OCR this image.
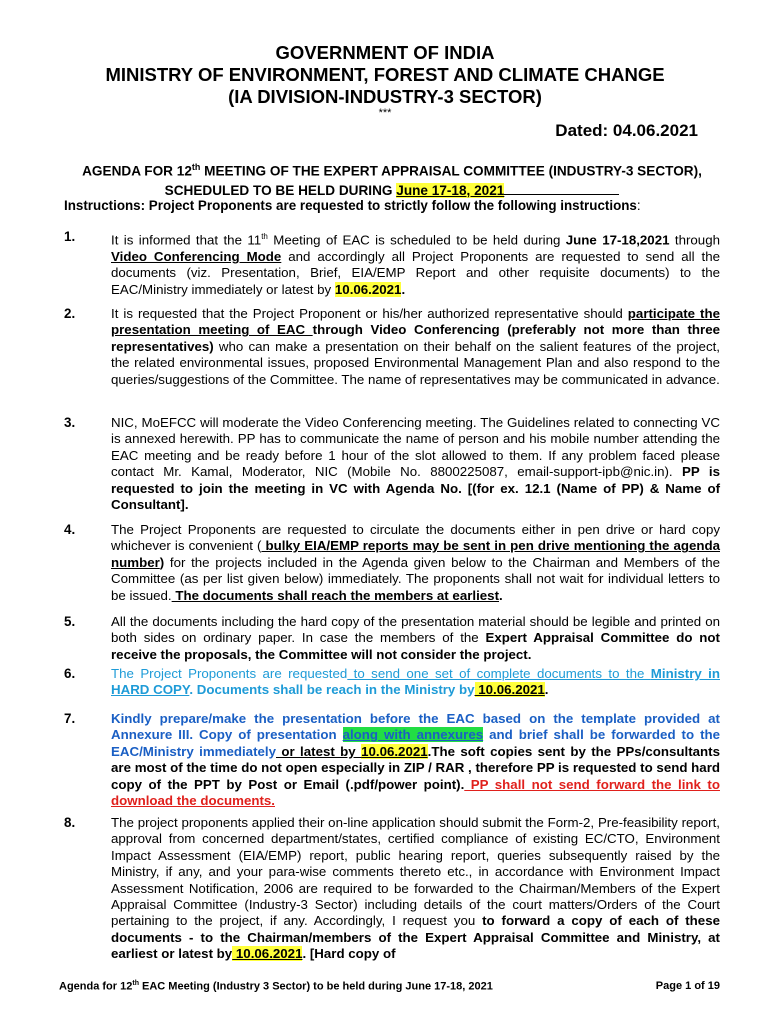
GOVERNMENT OF INDIA
MINISTRY OF ENVIRONMENT, FOREST AND CLIMATE CHANGE
(IA DIVISION-INDUSTRY-3 SECTOR)
***
Dated: 04.06.2021
AGENDA FOR 12th MEETING OF THE EXPERT APPRAISAL COMMITTEE (INDUSTRY-3 SECTOR), SCHEDULED TO BE HELD DURING June 17-18, 2021
Instructions: Project Proponents are requested to strictly follow the following instructions:
1.	It is informed that the 11th Meeting of EAC is scheduled to be held during June 17-18,2021 through Video Conferencing Mode and accordingly all Project Proponents are requested to send all the documents (viz. Presentation, Brief, EIA/EMP Report and other requisite documents) to the EAC/Ministry immediately or latest by 10.06.2021.
2.	It is requested that the Project Proponent or his/her authorized representative should participate the presentation meeting of EAC through Video Conferencing (preferably not more than three representatives) who can make a presentation on their behalf on the salient features of the project, the related environmental issues, proposed Environmental Management Plan and also respond to the queries/suggestions of the Committee. The name of representatives may be communicated in advance.
3.	NIC, MoEFCC will moderate the Video Conferencing meeting. The Guidelines related to connecting VC is annexed herewith. PP has to communicate the name of person and his mobile number attending the EAC meeting and be ready before 1 hour of the slot allowed to them. If any problem faced please contact Mr. Kamal, Moderator, NIC (Mobile No. 8800225087, email-support-ipb@nic.in). PP is requested to join the meeting in VC with Agenda No. [(for ex. 12.1 (Name of PP) & Name of Consultant].
4.	The Project Proponents are requested to circulate the documents either in pen drive or hard copy whichever is convenient ( bulky EIA/EMP reports may be sent in pen drive mentioning the agenda number) for the projects included in the Agenda given below to the Chairman and Members of the Committee (as per list given below) immediately. The proponents shall not wait for individual letters to be issued. The documents shall reach the members at earliest.
5.	All the documents including the hard copy of the presentation material should be legible and printed on both sides on ordinary paper. In case the members of the Expert Appraisal Committee do not receive the proposals, the Committee will not consider the project.
6.	The Project Proponents are requested to send one set of complete documents to the Ministry in HARD COPY. Documents shall be reach in the Ministry by 10.06.2021.
7.	Kindly prepare/make the presentation before the EAC based on the template provided at Annexure III. Copy of presentation along with annexures and brief shall be forwarded to the EAC/Ministry immediately or latest by 10.06.2021.The soft copies sent by the PPs/consultants are most of the time do not open especially in ZIP / RAR , therefore PP is requested to send hard copy of the PPT by Post or Email (.pdf/power point). PP shall not send forward the link to download the documents.
8.	The project proponents applied their on-line application should submit the Form-2, Pre-feasibility report, approval from concerned department/states, certified compliance of existing EC/CTO, Environment Impact Assessment (EIA/EMP) report, public hearing report, queries subsequently raised by the Ministry, if any, and your para-wise comments thereto etc., in accordance with Environment Impact Assessment Notification, 2006 are required to be forwarded to the Chairman/Members of the Expert Appraisal Committee (Industry-3 Sector) including details of the court matters/Orders of the Court pertaining to the project, if any. Accordingly, I request you to forward a copy of each of these documents - to the Chairman/members of the Expert Appraisal Committee and Ministry, at earliest or latest by 10.06.2021. [Hard copy of
Agenda for 12th EAC Meeting (Industry 3 Sector) to be held during June 17-18, 2021	Page 1 of 19
